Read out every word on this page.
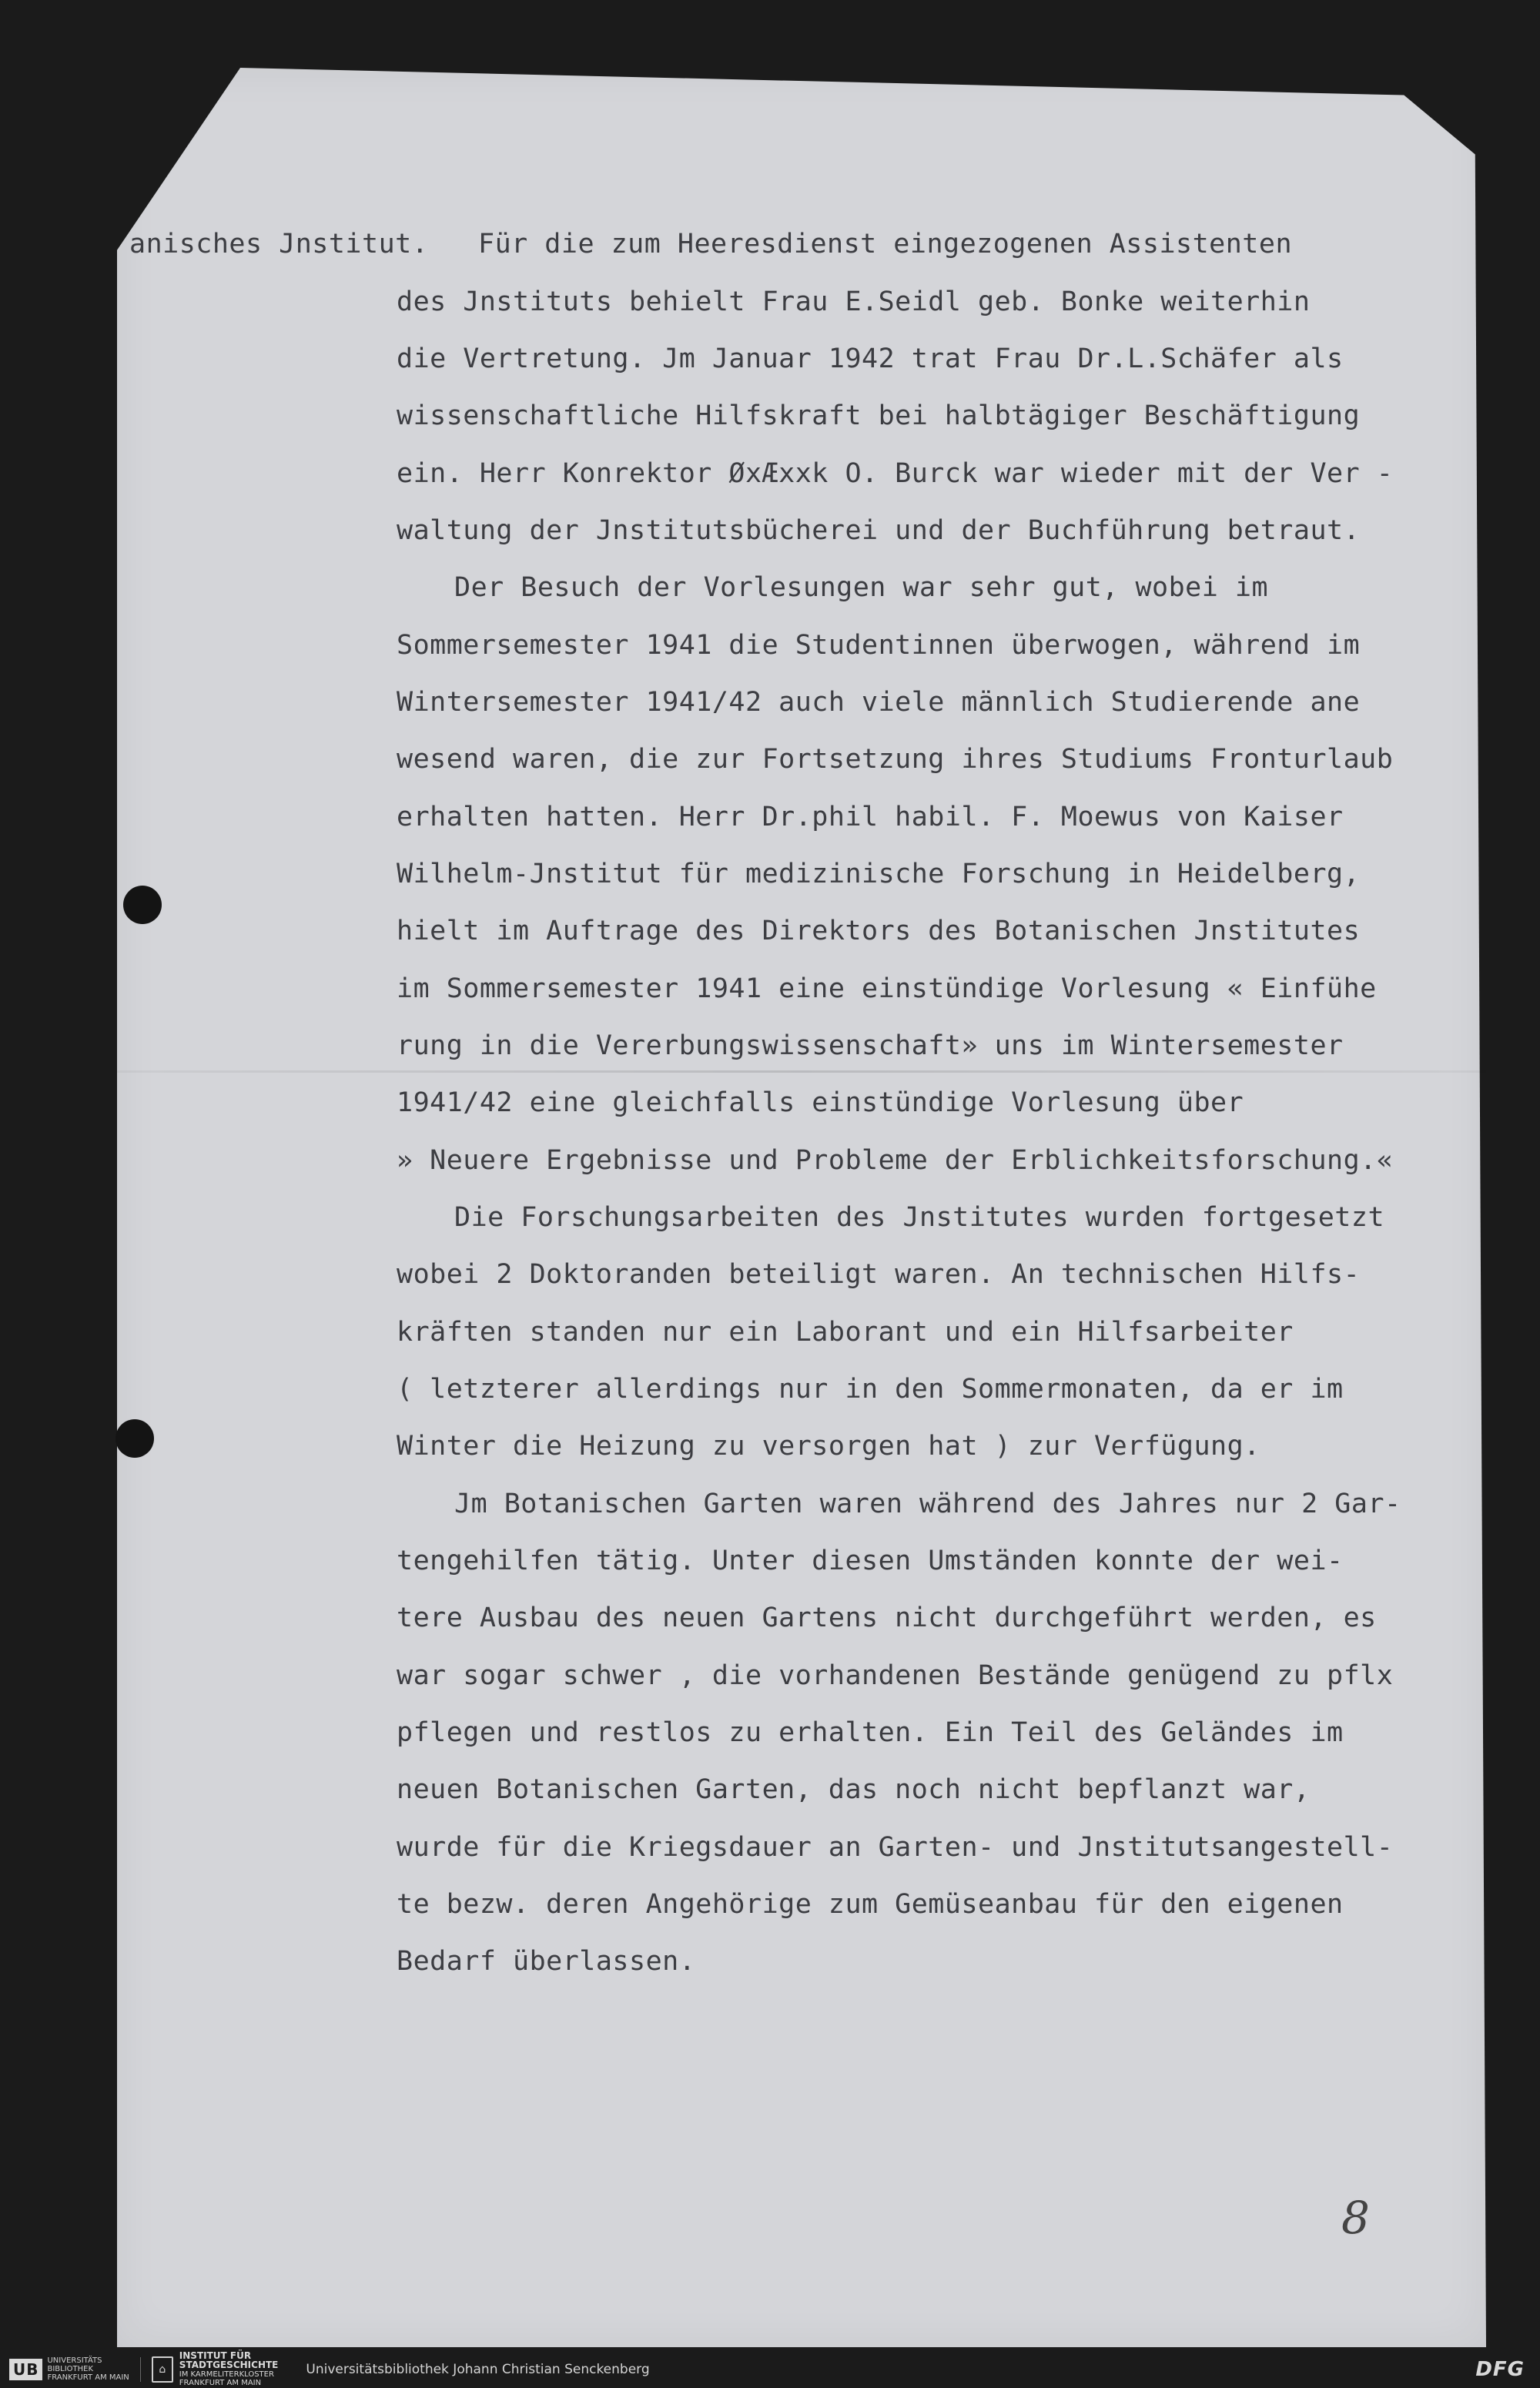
anisches Jnstitut.   Für die zum Heeresdienst eingezogenen Assistenten

des Jnstituts behielt Frau E.Seidl geb. Bonke weiterhin

die Vertretung. Jm Januar 1942 trat Frau Dr.L.Schäfer als

wissenschaftliche Hilfskraft bei halbtägiger Beschäftigung

ein. Herr Konrektor ØxÆxxk O. Burck war wieder mit der Ver -

waltung der Jnstitutsbücherei und der Buchführung betraut.

Der Besuch der Vorlesungen war sehr gut, wobei im

Sommersemester 1941 die Studentinnen überwogen, während im

Wintersemester 1941/42 auch viele männlich Studierende ane

wesend waren, die zur Fortsetzung ihres Studiums Fronturlaub

erhalten hatten. Herr Dr.phil habil. F. Moewus von Kaiser

Wilhelm-Jnstitut für medizinische Forschung in Heidelberg,

hielt im Auftrage des Direktors des Botanischen Jnstitutes

im Sommersemester 1941 eine einstündige Vorlesung « Einfühe

rung in die Vererbungswissenschaft» uns im Wintersemester

1941/42 eine gleichfalls einstündige Vorlesung über

» Neuere Ergebnisse und Probleme der Erblichkeitsforschung.«

Die Forschungsarbeiten des Jnstitutes wurden fortgesetzt

wobei 2 Doktoranden beteiligt waren. An technischen Hilfs-

kräften standen nur ein Laborant und ein Hilfsarbeiter

( letzterer allerdings nur in den Sommermonaten, da er im

Winter die Heizung zu versorgen hat ) zur Verfügung.

Jm Botanischen Garten waren während des Jahres nur 2 Gar-

tengehilfen tätig. Unter diesen Umständen konnte der wei-

tere Ausbau des neuen Gartens nicht durchgeführt werden, es

war sogar schwer , die vorhandenen Bestände genügend zu pflx

pflegen und restlos zu erhalten. Ein Teil des Geländes im

neuen Botanischen Garten, das noch nicht bepflanzt war,

wurde für die Kriegsdauer an Garten- und Jnstitutsangestell-

te bezw. deren Angehörige zum Gemüseanbau für den eigenen

Bedarf überlassen.

8
UB	UNIVERSITÄTS
BIBLIOTHEK
FRANKFURT AM MAIN
⌂
INSTITUT FÜR
STADTGESCHICHTE
IM KARMELITERKLOSTER
FRANKFURT AM MAIN
Universitätsbibliothek Johann Christian Senckenberg	DFG
